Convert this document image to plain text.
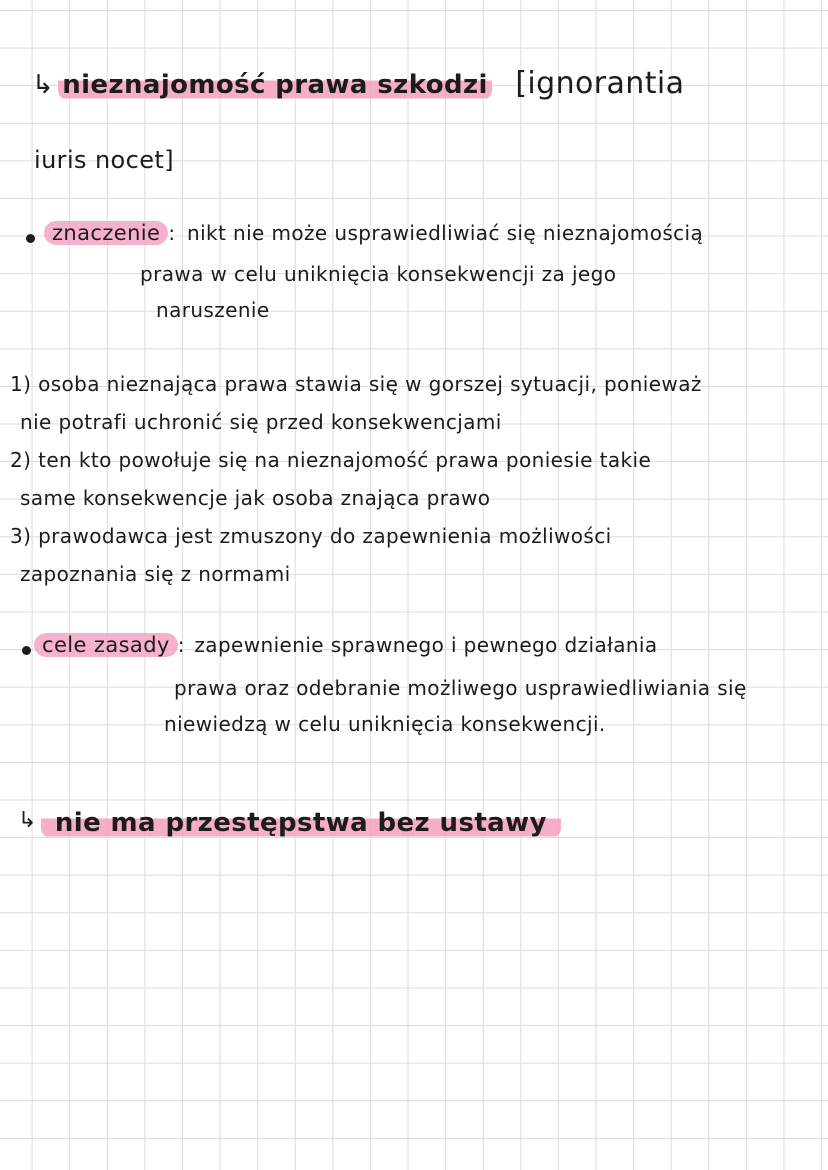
↳ nieznajomość prawa szkodzi [ignorantia
iuris nocet]
znaczenie : nikt nie może usprawiedliwiać się nieznajomością
prawa w celu uniknięcia konsekwencji za jego
naruszenie
1) osoba nieznająca prawa stawia się w gorszej sytuacji, ponieważ
nie potrafi uchronić się przed konsekwencjami
2) ten kto powołuje się na nieznajomość prawa poniesie takie
same konsekwencje jak osoba znająca prawo
3) prawodawca jest zmuszony do zapewnienia możliwości
zapoznania się z normami
cele zasady : zapewnienie sprawnego i pewnego działania
prawa oraz odebranie możliwego usprawiedliwiania się
niewiedzą w celu uniknięcia konsekwencji.
↳ nie ma przestępstwa bez ustawy
